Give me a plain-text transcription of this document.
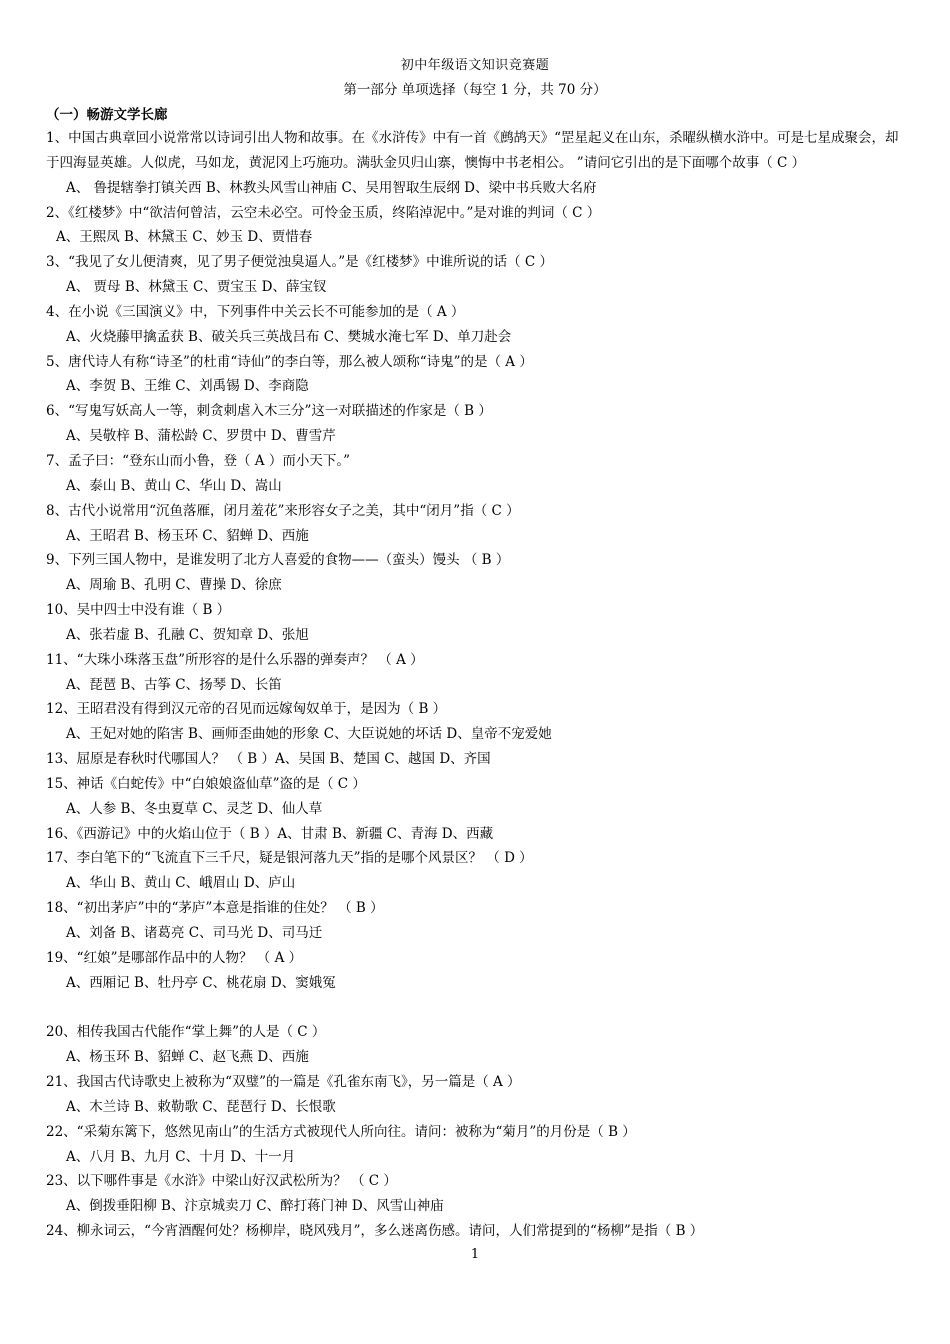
初中年级语文知识竞赛题
第一部分 单项选择（每空 1 分，共 70 分）
（一）畅游文学长廊
1、中国古典章回小说常常以诗词引出人物和故事。在《水浒传》中有一首《鹧鸪天》“罡星起义在山东，杀曜纵横水浒中。可是七星成聚会，却
于四海显英雄。人似虎，马如龙，黄泥冈上巧施功。满驮金贝归山寨，懊悔中书老相公。 ”请问它引出的是下面哪个故事（ C ）
A、 鲁提辖拳打镇关西 B、林教头风雪山神庙 C、吴用智取生辰纲 D、梁中书兵败大名府
2、《红楼梦》中“欲洁何曾洁，云空未必空。可怜金玉质，终陷淖泥中。”是对谁的判词（ C ）
A、王熙凤 B、林黛玉 C、妙玉 D、贾惜春
3、“我见了女儿便清爽，见了男子便觉浊臭逼人。”是《红楼梦》中谁所说的话（ C ）
A、 贾母 B、林黛玉 C、贾宝玉 D、薛宝钗
4、在小说《三国演义》中，下列事件中关云长不可能参加的是（ A ）
A、火烧藤甲擒孟获 B、破关兵三英战吕布 C、樊城水淹七军 D、单刀赴会
5、唐代诗人有称“诗圣”的杜甫“诗仙”的李白等，那么被人颂称“诗鬼”的是（ A ）
A、李贺 B、王维 C、刘禹锡 D、李商隐
6、“写鬼写妖高人一等，刺贪刺虐入木三分”这一对联描述的作家是（ B ）
A、吴敬梓 B、蒲松龄 C、罗贯中 D、曹雪芹
7、孟子曰：“登东山而小鲁，登（ A ）而小天下。”
A、泰山 B、黄山 C、华山 D、嵩山
8、古代小说常用“沉鱼落雁，闭月羞花”来形容女子之美，其中“闭月”指（ C ）
A、王昭君 B、杨玉环 C、貂蝉 D、西施
9、下列三国人物中，是谁发明了北方人喜爱的食物——（蛮头）馒头 （ B ）
A、周瑜 B、孔明 C、曹操 D、徐庶
10、吴中四士中没有谁（ B ）
A、张若虚 B、孔融 C、贺知章 D、张旭
11、“大珠小珠落玉盘”所形容的是什么乐器的弹奏声？ （ A ）
A、琵琶 B、古筝 C、扬琴 D、长笛
12、王昭君没有得到汉元帝的召见而远嫁匈奴单于，是因为（ B ）
A、王妃对她的陷害 B、画师歪曲她的形象 C、大臣说她的坏话 D、皇帝不宠爱她
13、屈原是春秋时代哪国人？ （ B ）A、吴国 B、楚国 C、越国 D、齐国
15、神话《白蛇传》中“白娘娘盗仙草”盗的是（ C ）
A、人参 B、冬虫夏草 C、灵芝 D、仙人草
16、《西游记》中的火焰山位于（ B ）A、甘肃 B、新疆 C、青海 D、西藏
17、李白笔下的“飞流直下三千尺，疑是银河落九天”指的是哪个风景区？ （ D ）
A、华山 B、黄山 C、峨眉山 D、庐山
18、“初出茅庐”中的“茅庐”本意是指谁的住处？ （ B ）
A、刘备 B、诸葛亮 C、司马光 D、司马迁
19、“红娘”是哪部作品中的人物？ （ A ）
A、西厢记 B、牡丹亭 C、桃花扇 D、窦娥冤
20、相传我国古代能作“掌上舞”的人是（ C ）
A、杨玉环 B、貂蝉 C、赵飞燕 D、西施
21、我国古代诗歌史上被称为“双璧”的一篇是《孔雀东南飞》，另一篇是（ A ）
A、木兰诗 B、敕勒歌 C、琵琶行 D、长恨歌
22、“采菊东篱下，悠然见南山”的生活方式被现代人所向往。请问：被称为“菊月”的月份是（ B ）
A、八月 B、九月 C、十月 D、十一月
23、以下哪件事是《水浒》中梁山好汉武松所为？ （ C ）
A、倒拨垂阳柳 B、汴京城卖刀 C、醉打蒋门神 D、风雪山神庙
24、柳永词云，“今宵酒醒何处？杨柳岸，晓风残月”，多么迷离伤感。请问，人们常提到的“杨柳”是指（ B ）
1
